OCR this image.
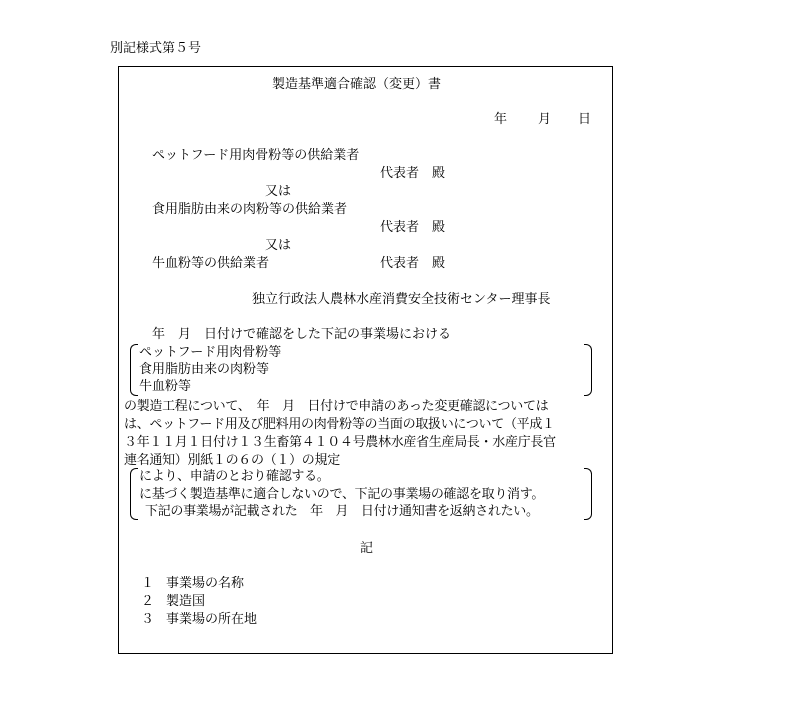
別記様式第５号
製造基準適合確認（変更）書
年 月 日
ペットフード用肉骨粉等の供給業者
代表者　殿
又は
食用脂肪由来の肉粉等の供給業者
代表者　殿
又は
牛血粉等の供給業者	代表者　殿
独立行政法人農林水産消費安全技術センター理事長
年　月　日付けで確認をした下記の事業場における
ペットフード用肉骨粉等
食用脂肪由来の肉粉等
牛血粉等
の製造工程について、　年　月　日付けで申請のあった変更確認については
は、ペットフード用及び肥料用の肉骨粉等の当面の取扱いについて（平成１
３年１１月１日付け１３生畜第４１０４号農林水産省生産局長・水産庁長官
連名通知）別紙１の６の（１）の規定
により、申請のとおり確認する。
に基づく製造基準に適合しないので、下記の事業場の確認を取り消す。
下記の事業場が記載された　年　月　日付け通知書を返納されたい。
記
１ 事業場の名称
２ 製造国
３ 事業場の所在地
